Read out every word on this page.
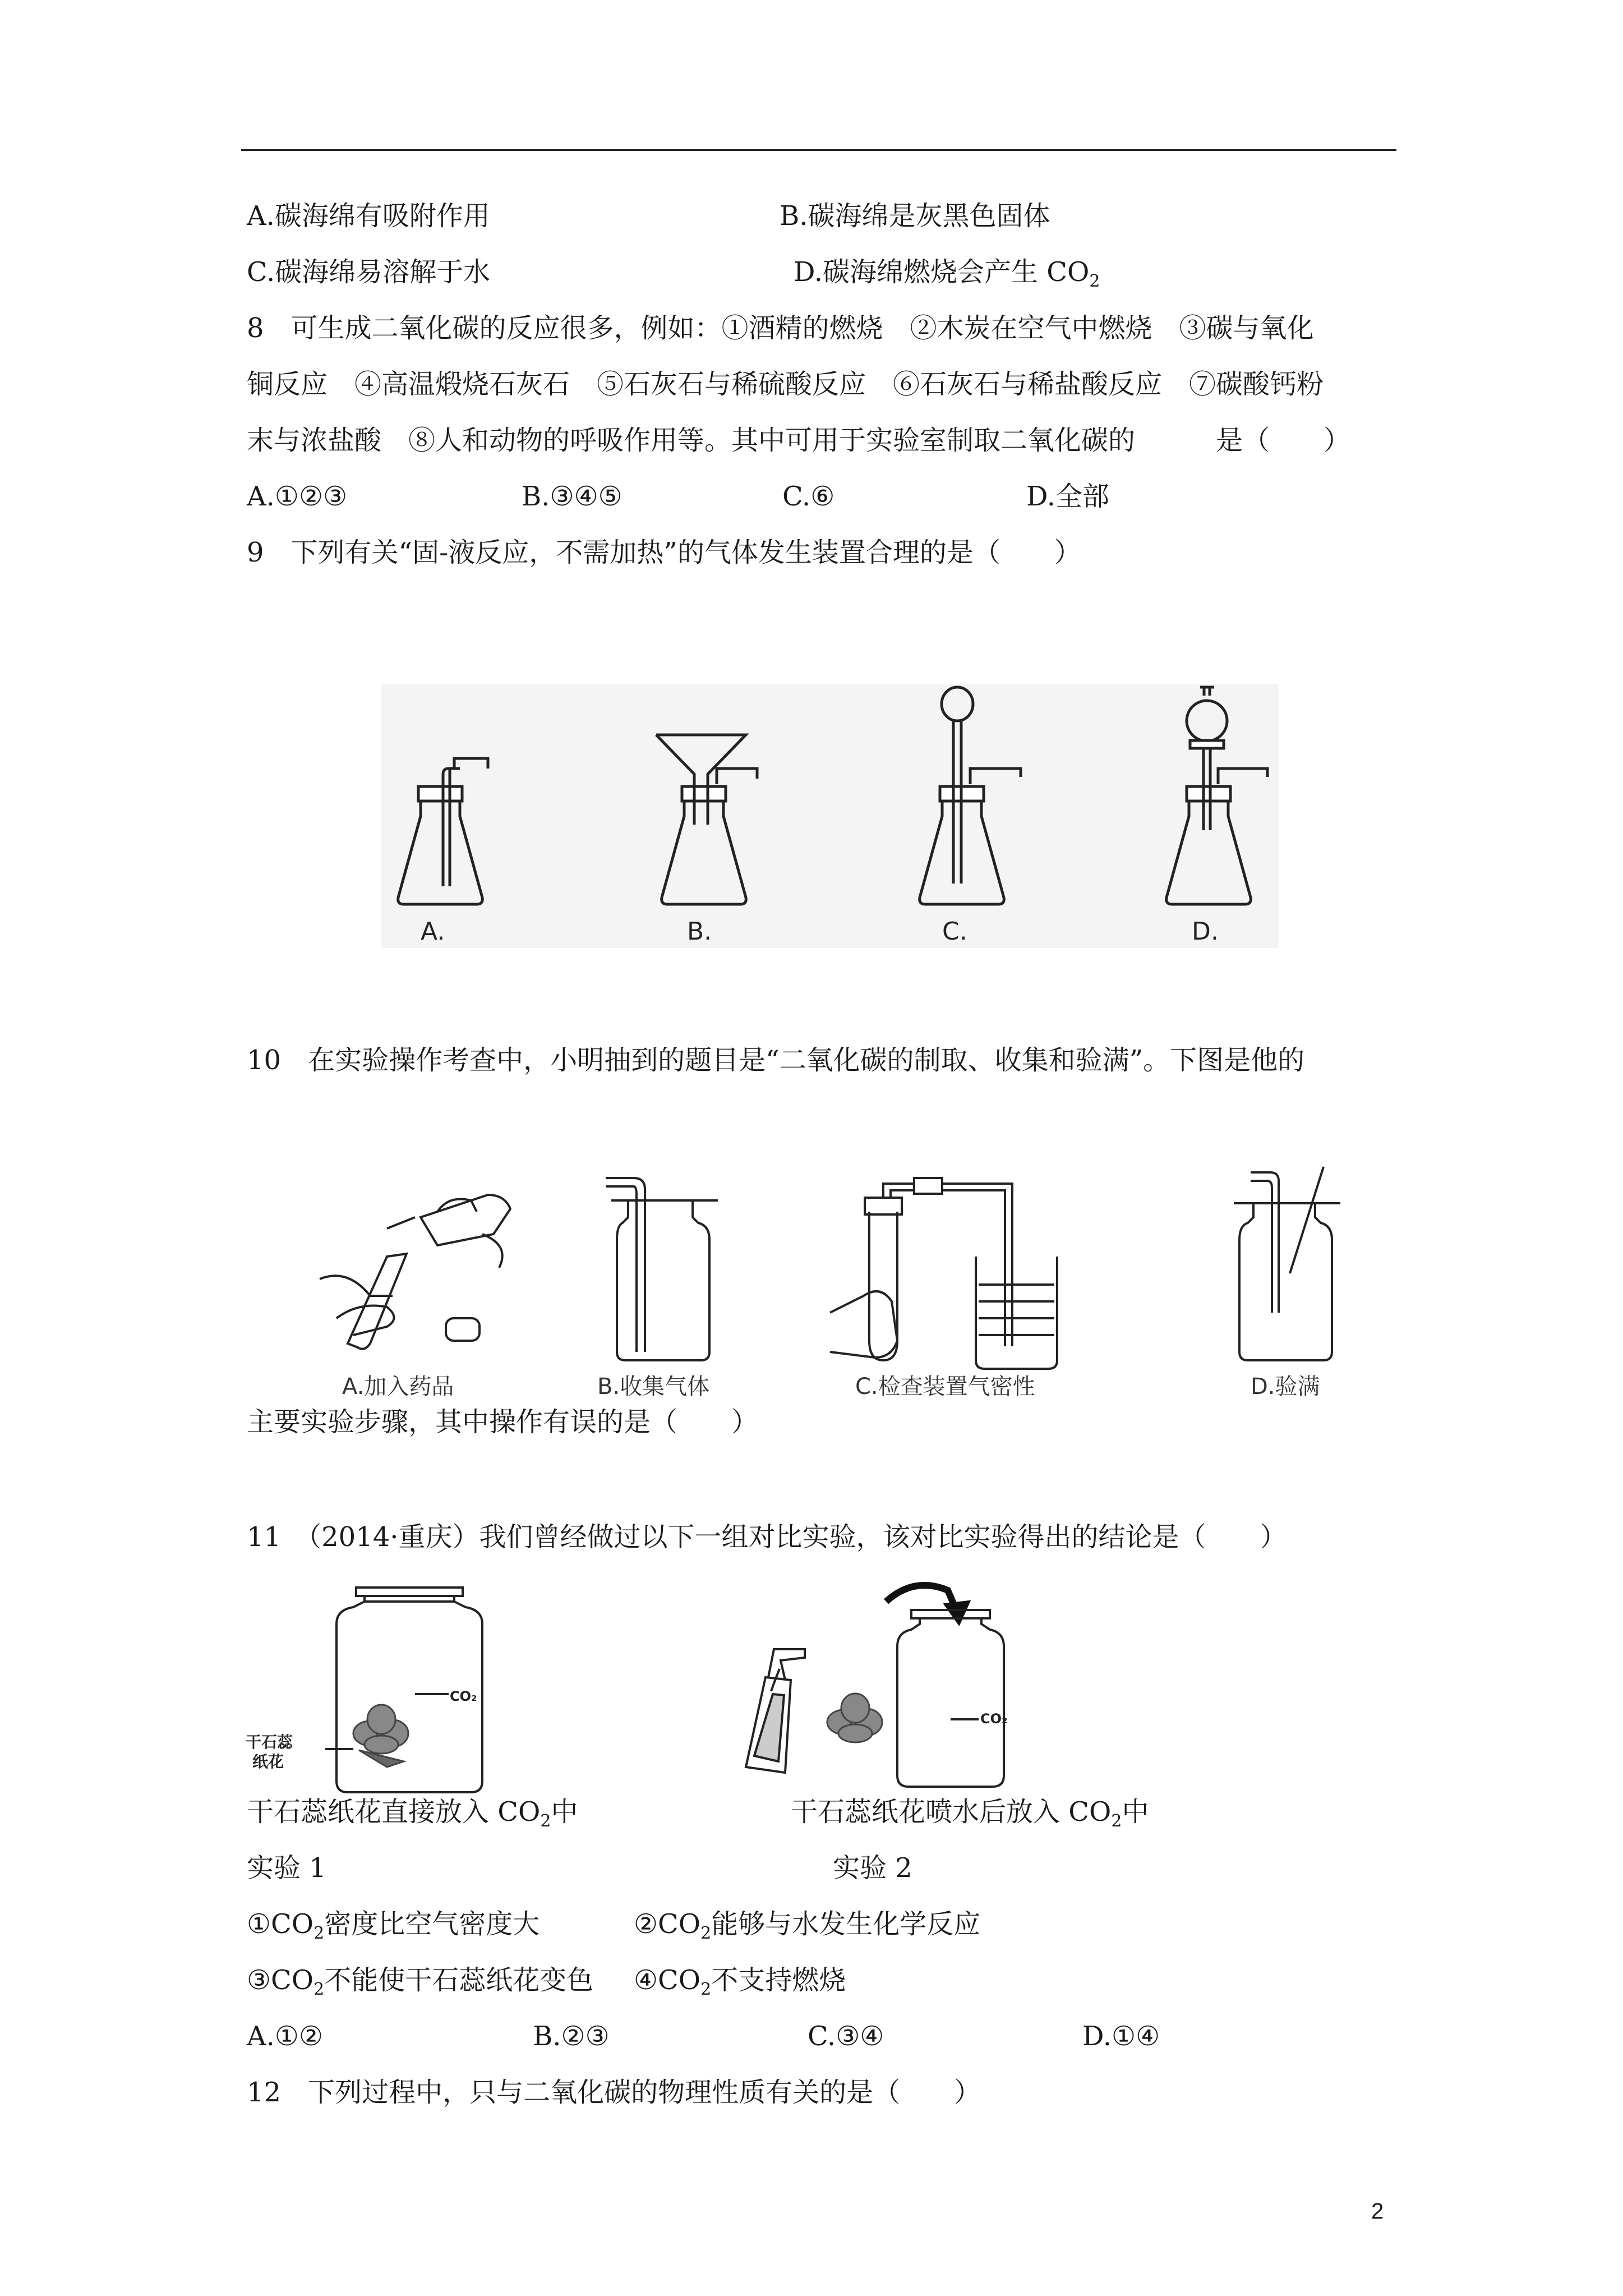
A.碳海绵有吸附作用	B.碳海绵是灰黑色固体
C.碳海绵易溶解于水	D.碳海绵燃烧会产生 $CO_2$
8　可生成二氧化碳的反应很多，例如：①酒精的燃烧　②木炭在空气中燃烧　③碳与氧化
铜反应　④高温煅烧石灰石　⑤石灰石与稀硫酸反应　⑥石灰石与稀盐酸反应　⑦碳酸钙粉
末与浓盐酸　⑧人和动物的呼吸作用等。其中可用于实验室制取二氧化碳的　　　是（　　）
A.①②③	B.③④⑤	C.⑥	D.全部
9　下列有关“固-液反应，不需加热”的气体发生装置合理的是（　　）
A.	B.	C.	D.
10　在实验操作考查中，小明抽到的题目是“二氧化碳的制取、收集和验满”。下图是他的
A.加入药品	B.收集气体	C.检查装置气密性	D.验满
主要实验步骤，其中操作有误的是（　　）
11　（2014·重庆）我们曾经做过以下一组对比实验，该对比实验得出的结论是（　　）
CO₂
干石蕊
纸花
CO₂
干石蕊纸花直接放入 $CO_2$中	干石蕊纸花喷水后放入 $CO_2$中
实验 1	实验 2
$①CO_2$密度比空气密度大	$②CO_2$能够与水发生化学反应
$③CO_2$不能使干石蕊纸花变色 $④CO_2$不支持燃烧
A.①②	B.②③	C.③④	D.①④
12　下列过程中，只与二氧化碳的物理性质有关的是（　　）
2
